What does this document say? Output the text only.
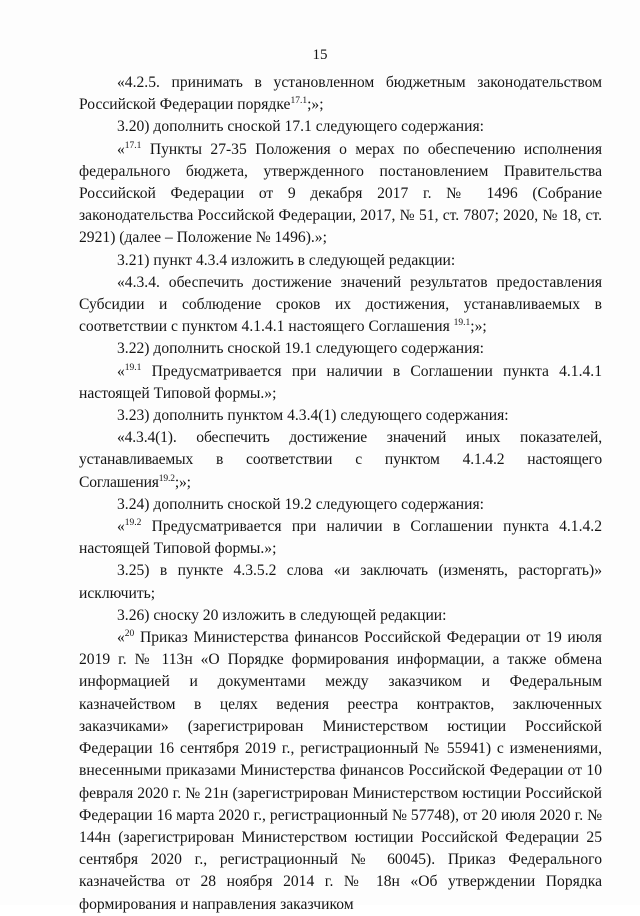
15

«4.2.5. принимать в установленном бюджетным законодательством Российской Федерации порядке$^{17.1}$;»;

3.20) дополнить сноской 17.1 следующего содержания:

«$^{17.1}$ Пункты 27-35 Положения о мерах по обеспечению исполнения федерального бюджета, утвержденного постановлением Правительства Российской Федерации от 9 декабря 2017 г. № 1496 (Собрание законодательства Российской Федерации, 2017, № 51, ст. 7807; 2020, № 18, ст. 2921) (далее – Положение № 1496).»;

3.21) пункт 4.3.4 изложить в следующей редакции:

«4.3.4. обеспечить достижение значений результатов предоставления Субсидии и соблюдение сроков их достижения, устанавливаемых в соответствии с пунктом 4.1.4.1 настоящего Соглашения $^{19.1}$;»;

3.22) дополнить сноской 19.1 следующего содержания:

«$^{19.1}$ Предусматривается при наличии в Соглашении пункта 4.1.4.1 настоящей Типовой формы.»;

3.23) дополнить пунктом 4.3.4(1) следующего содержания:

«4.3.4(1). обеспечить достижение значений иных показателей, устанавливаемых в соответствии с пунктом 4.1.4.2 настоящего Соглашения$^{19.2}$;»;

3.24) дополнить сноской 19.2 следующего содержания:

«$^{19.2}$ Предусматривается при наличии в Соглашении пункта 4.1.4.2 настоящей Типовой формы.»;

3.25) в пункте 4.3.5.2 слова «и заключать (изменять, расторгать)» исключить;

3.26) сноску 20 изложить в следующей редакции:

«$^{20}$ Приказ Министерства финансов Российской Федерации от 19 июля 2019 г. № 113н «О Порядке формирования информации, а также обмена информацией и документами между заказчиком и Федеральным казначейством в целях ведения реестра контрактов, заключенных заказчиками» (зарегистрирован Министерством юстиции Российской Федерации 16 сентября 2019 г., регистрационный № 55941) с изменениями, внесенными приказами Министерства финансов Российской Федерации от 10 февраля 2020 г. № 21н (зарегистрирован Министерством юстиции Российской Федерации 16 марта 2020 г., регистрационный № 57748), от 20 июля 2020 г. № 144н (зарегистрирован Министерством юстиции Российской Федерации 25 сентября 2020 г., регистрационный № 60045). Приказ Федерального казначейства от 28 ноября 2014 г. № 18н «Об утверждении Порядка формирования и направления заказчиком
